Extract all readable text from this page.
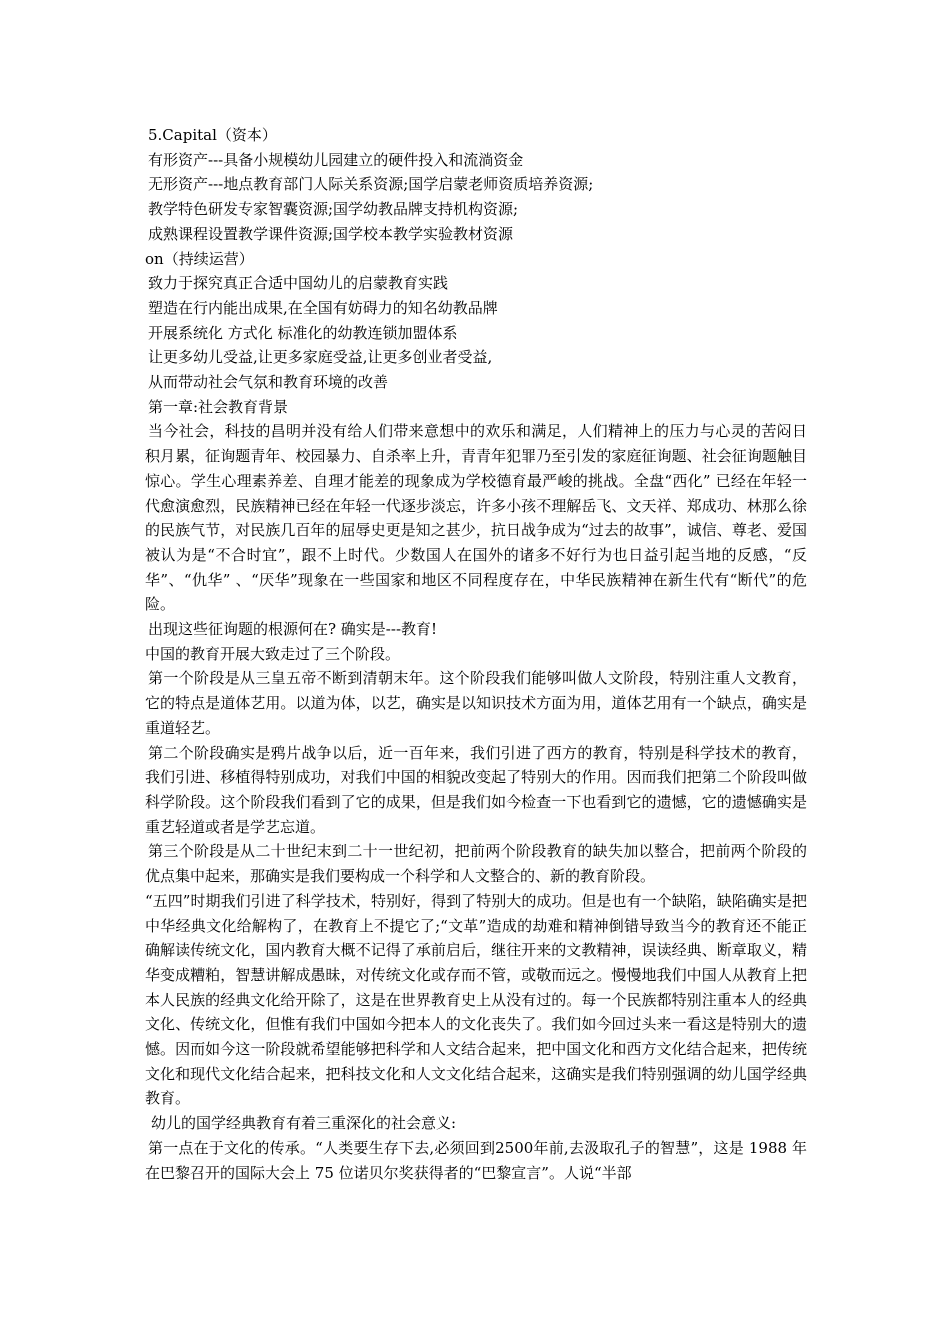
5.Capital（资本）

有形资产---具备小规模幼儿园建立的硬件投入和流淌资金

无形资产---地点教育部门人际关系资源;国学启蒙老师资质培养资源;

教学特色研发专家智囊资源;国学幼教品牌支持机构资源;

成熟课程设置教学课件资源;国学校本教学实验教材资源

on（持续运营）

致力于探究真正合适中国幼儿的启蒙教育实践

塑造在行内能出成果,在全国有妨碍力的知名幼教品牌

开展系统化 方式化 标准化的幼教连锁加盟体系

让更多幼儿受益,让更多家庭受益,让更多创业者受益,

从而带动社会气氛和教育环境的改善

第一章:社会教育背景

当今社会，科技的昌明并没有给人们带来意想中的欢乐和满足，人们精神上的压力与心灵的苦闷日积月累，征询题青年、校园暴力、自杀率上升，青青年犯罪乃至引发的家庭征询题、社会征询题触目惊心。学生心理素养差、自理才能差的现象成为学校德育最严峻的挑战。全盘“西化” 已经在年轻一代愈演愈烈，民族精神已经在年轻一代逐步淡忘，许多小孩不理解岳飞、文天祥、郑成功、林那么徐的民族气节，对民族几百年的屈辱史更是知之甚少，抗日战争成为“过去的故事”，诚信、尊老、爱国被认为是“不合时宜”，跟不上时代。少数国人在国外的诸多不好行为也日益引起当地的反感，“反华”、“仇华” 、“厌华”现象在一些国家和地区不同程度存在，中华民族精神在新生代有“断代”的危险。

出现这些征询题的根源何在? 确实是---教育!

中国的教育开展大致走过了三个阶段。

第一个阶段是从三皇五帝不断到清朝末年。这个阶段我们能够叫做人文阶段，特别注重人文教育，它的特点是道体艺用。以道为体，以艺，确实是以知识技术方面为用，道体艺用有一个缺点，确实是重道轻艺。

第二个阶段确实是鸦片战争以后，近一百年来，我们引进了西方的教育，特别是科学技术的教育，我们引进、移植得特别成功，对我们中国的相貌改变起了特别大的作用。因而我们把第二个阶段叫做科学阶段。这个阶段我们看到了它的成果，但是我们如今检查一下也看到它的遗憾，它的遗憾确实是重艺轻道或者是学艺忘道。

第三个阶段是从二十世纪末到二十一世纪初，把前两个阶段教育的缺失加以整合，把前两个阶段的优点集中起来，那确实是我们要构成一个科学和人文整合的、新的教育阶段。

“五四”时期我们引进了科学技术，特别好，得到了特别大的成功。但是也有一个缺陷，缺陷确实是把中华经典文化给解构了，在教育上不提它了;“文革”造成的劫难和精神倒错导致当今的教育还不能正确解读传统文化，国内教育大概不记得了承前启后，继往开来的文教精神，误读经典、断章取义，精华变成糟粕，智慧讲解成愚昧，对传统文化或存而不管，或敬而远之。慢慢地我们中国人从教育上把本人民族的经典文化给开除了，这是在世界教育史上从没有过的。每一个民族都特别注重本人的经典文化、传统文化，但惟有我们中国如今把本人的文化丧失了。我们如今回过头来一看这是特别大的遗憾。因而如今这一阶段就希望能够把科学和人文结合起来，把中国文化和西方文化结合起来，把传统文化和现代文化结合起来，把科技文化和人文文化结合起来，这确实是我们特别强调的幼儿国学经典教育。

幼儿的国学经典教育有着三重深化的社会意义:

第一点在于文化的传承。“人类要生存下去,必须回到2500年前,去汲取孔子的智慧”，这是 1988 年在巴黎召开的国际大会上 75 位诺贝尔奖获得者的“巴黎宣言”。人说“半部
